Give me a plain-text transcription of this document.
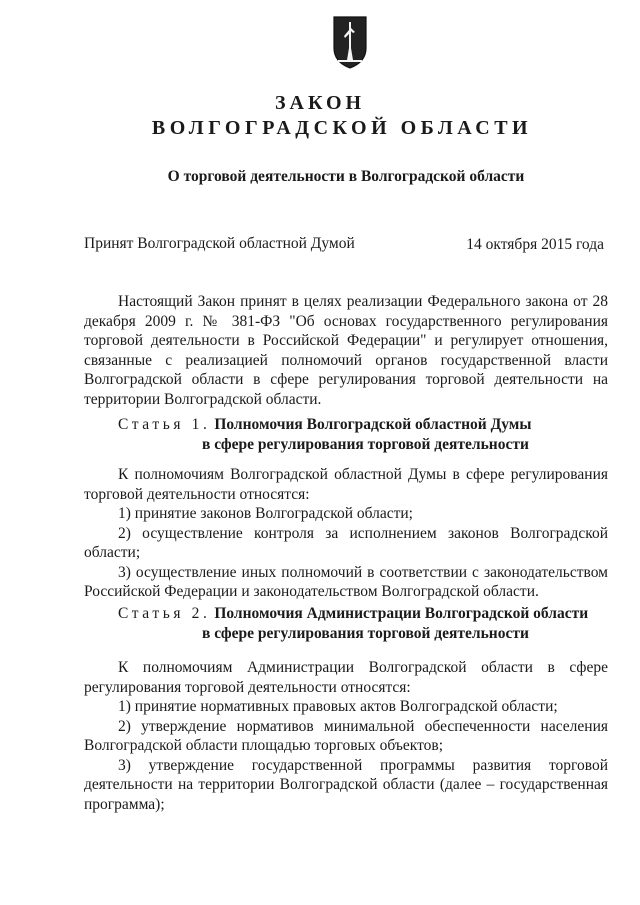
ЗАКОН
ВОЛГОГРАДСКОЙ ОБЛАСТИ
О торговой деятельности в Волгоградской области
Принят Волгоградской областной Думой	14 октября 2015 года

Настоящий Закон принят в целях реализации Федерального закона от 28 декабря 2009 г. № 381-ФЗ "Об основах государственного регулирования торговой деятельности в Российской Федерации" и регулирует отношения, связанные с реализацией полномочий органов государственной власти Волгоградской области в сфере регулирования торговой деятельности на территории Волгоградской области.

Статья 1. Полномочия Волгоградской областной Думы
в сфере регулирования торговой деятельности

К полномочиям Волгоградской областной Думы в сфере регулирования торговой деятельности относятся:

1) принятие законов Волгоградской области;

2) осуществление контроля за исполнением законов Волгоградской области;

3) осуществление иных полномочий в соответствии с законодательством Российской Федерации и законодательством Волгоградской области.

Статья 2. Полномочия Администрации Волгоградской области
в сфере регулирования торговой деятельности

К полномочиям Администрации Волгоградской области в сфере регулирования торговой деятельности относятся:

1) принятие нормативных правовых актов Волгоградской области;

2) утверждение нормативов минимальной обеспеченности населения Волгоградской области площадью торговых объектов;

3) утверждение государственной программы развития торговой деятельности на территории Волгоградской области (далее – государственная программа);
